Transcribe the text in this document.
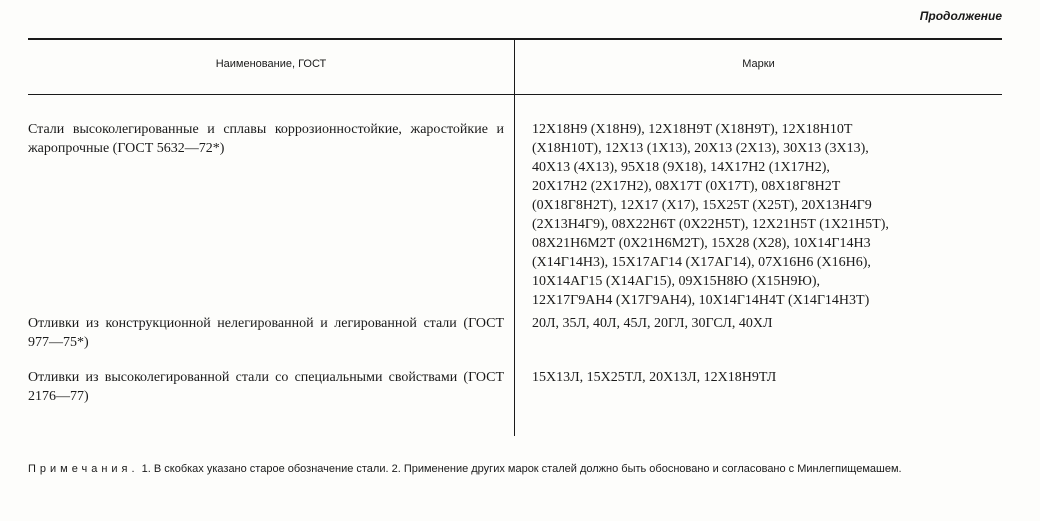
Продолжение
Наименование, ГОСТ	Марки
Стали высоколегированные и сплавы коррозионностойкие, жаростойкие и жаропрочные (ГОСТ 5632—72*)
12Х18Н9 (Х18Н9), 12Х18Н9Т (Х18Н9Т), 12Х18Н10Т
(Х18Н10Т), 12Х13 (1Х13), 20Х13 (2Х13), 30Х13 (3Х13),
40Х13 (4Х13), 95Х18 (9Х18), 14Х17Н2 (1Х17Н2),
20Х17Н2 (2Х17Н2), 08Х17Т (0Х17Т), 08Х18Г8Н2Т
(0Х18Г8Н2Т), 12Х17 (Х17), 15Х25Т (Х25Т), 20Х13Н4Г9
(2Х13Н4Г9), 08Х22Н6Т (0Х22Н5Т), 12Х21Н5Т (1Х21Н5Т),
08Х21Н6М2Т (0Х21Н6М2Т), 15Х28 (Х28), 10Х14Г14Н3
(Х14Г14Н3), 15Х17АГ14 (Х17АГ14), 07Х16Н6 (Х16Н6),
10Х14АГ15 (Х14АГ15), 09Х15Н8Ю (Х15Н9Ю),
12Х17Г9АН4 (Х17Г9АН4), 10Х14Г14Н4Т (Х14Г14Н3Т)
Отливки из конструкционной нелегированной и легированной стали (ГОСТ 977—75*)
20Л, 35Л, 40Л, 45Л, 20ГЛ, 30ГСЛ, 40ХЛ
Отливки из высоколегированной стали со специальными свойствами (ГОСТ 2176—77)
15Х13Л, 15Х25ТЛ, 20Х13Л, 12Х18Н9ТЛ
Примечания. 1. В скобках указано старое обозначение стали. 2. Применение других марок сталей должно быть обосновано и согласовано с Минлегпищемашем.
